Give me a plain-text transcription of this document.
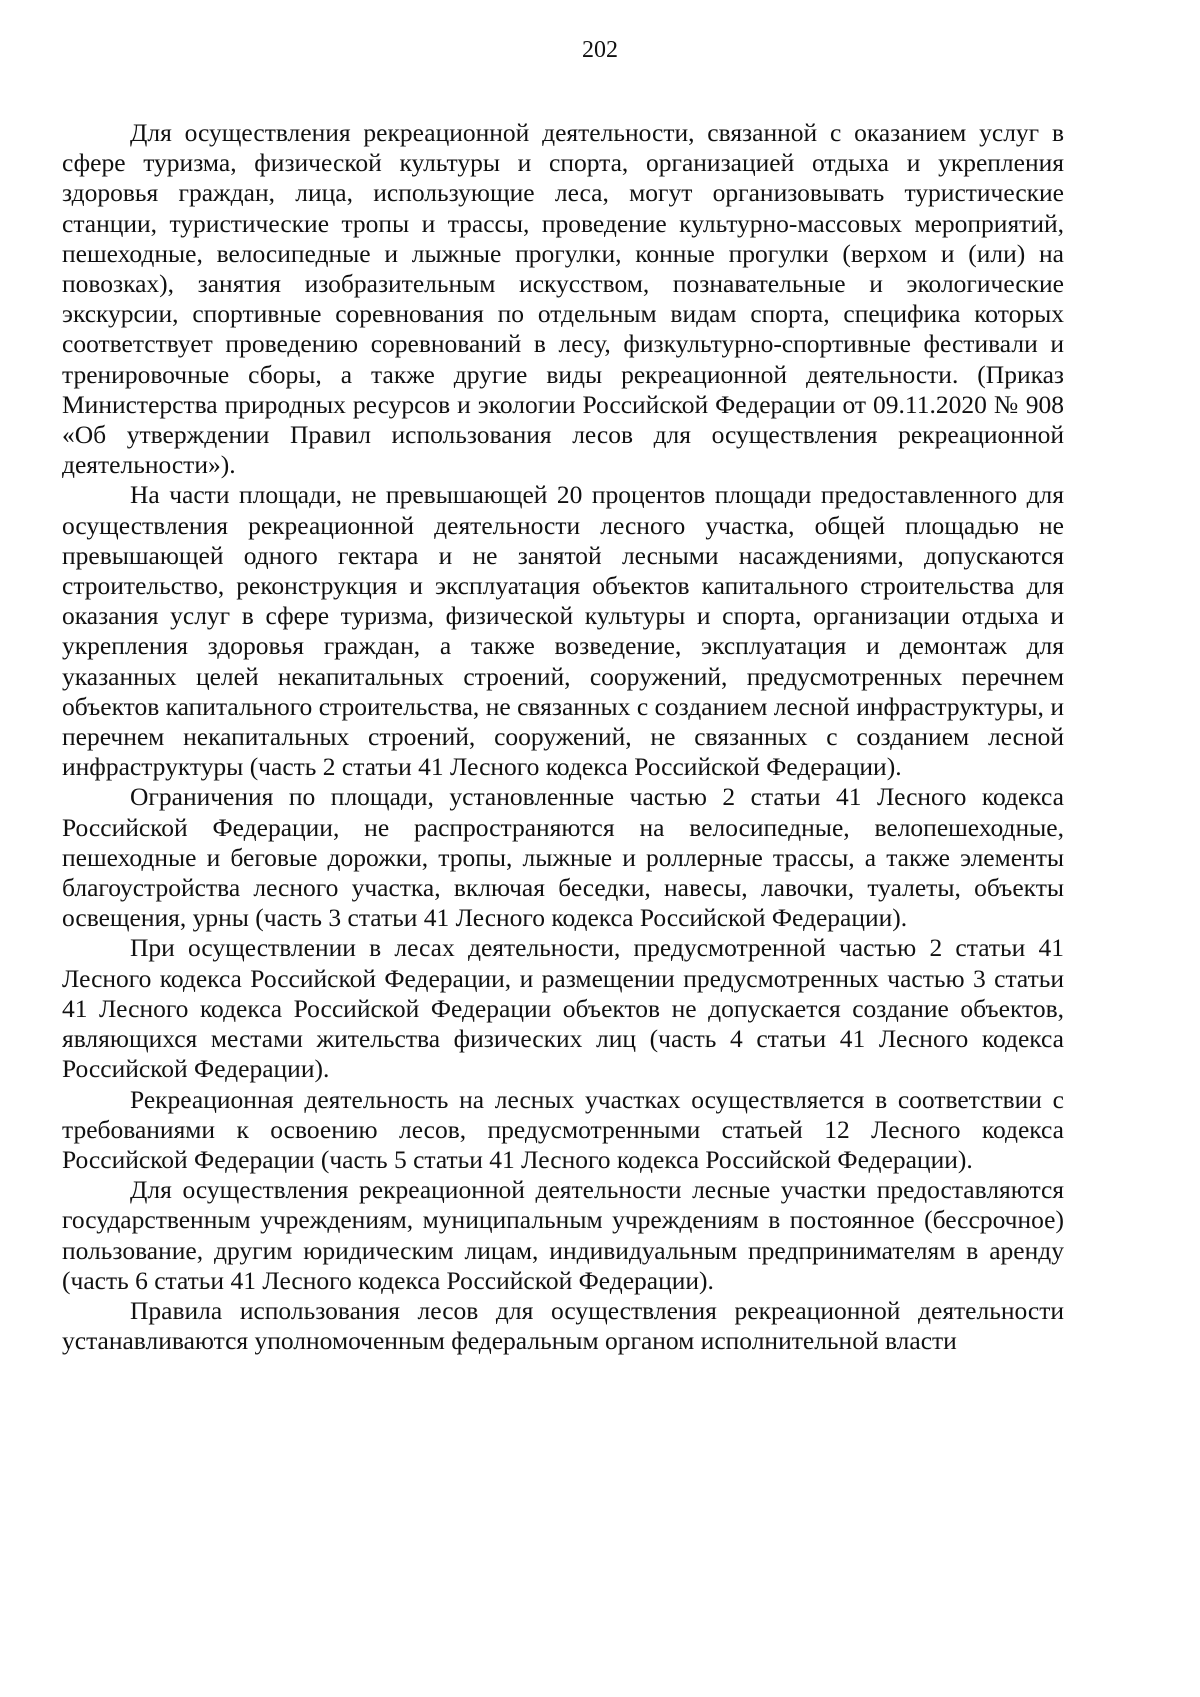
202

Для осуществления рекреационной деятельности, связанной с оказанием услуг в сфере туризма, физической культуры и спорта, организацией отдыха и укрепления здоровья граждан, лица, использующие леса, могут организовывать туристические станции, туристические тропы и трассы, проведение культурно-массовых мероприятий, пешеходные, велосипедные и лыжные прогулки, конные прогулки (верхом и (или) на повозках), занятия изобразительным искусством, познавательные и экологические экскурсии, спортивные соревнования по отдельным видам спорта, специфика которых соответствует проведению соревнований в лесу, физкультурно-спортивные фестивали и тренировочные сборы, а также другие виды рекреационной деятельности. (Приказ Министерства природных ресурсов и экологии Российской Федерации от 09.11.2020 № 908 «Об утверждении Правил использования лесов для осуществления рекреационной деятельности»).

На части площади, не превышающей 20 процентов площади предоставленного для осуществления рекреационной деятельности лесного участка, общей площадью не превышающей одного гектара и не занятой лесными насаждениями, допускаются строительство, реконструкция и эксплуатация объектов капитального строительства для оказания услуг в сфере туризма, физической культуры и спорта, организации отдыха и укрепления здоровья граждан, а также возведение, эксплуатация и демонтаж для указанных целей некапитальных строений, сооружений, предусмотренных перечнем объектов капитального строительства, не связанных с созданием лесной инфраструктуры, и перечнем некапитальных строений, сооружений, не связанных с созданием лесной инфраструктуры (часть 2 статьи 41 Лесного кодекса Российской Федерации).

Ограничения по площади, установленные частью 2 статьи 41 Лесного кодекса Российской Федерации, не распространяются на велосипедные, велопешеходные, пешеходные и беговые дорожки, тропы, лыжные и роллерные трассы, а также элементы благоустройства лесного участка, включая беседки, навесы, лавочки, туалеты, объекты освещения, урны (часть 3 статьи 41 Лесного кодекса Российской Федерации).

При осуществлении в лесах деятельности, предусмотренной частью 2 статьи 41 Лесного кодекса Российской Федерации, и размещении предусмотренных частью 3 статьи 41 Лесного кодекса Российской Федерации объектов не допускается создание объектов, являющихся местами жительства физических лиц (часть 4 статьи 41 Лесного кодекса Российской Федерации).

Рекреационная деятельность на лесных участках осуществляется в соответствии с требованиями к освоению лесов, предусмотренными статьей 12 Лесного кодекса Российской Федерации (часть 5 статьи 41 Лесного кодекса Российской Федерации).

Для осуществления рекреационной деятельности лесные участки предоставляются государственным учреждениям, муниципальным учреждениям в постоянное (бессрочное) пользование, другим юридическим лицам, индивидуальным предпринимателям в аренду (часть 6 статьи 41 Лесного кодекса Российской Федерации).

Правила использования лесов для осуществления рекреационной деятельности устанавливаются уполномоченным федеральным органом исполнительной власти
